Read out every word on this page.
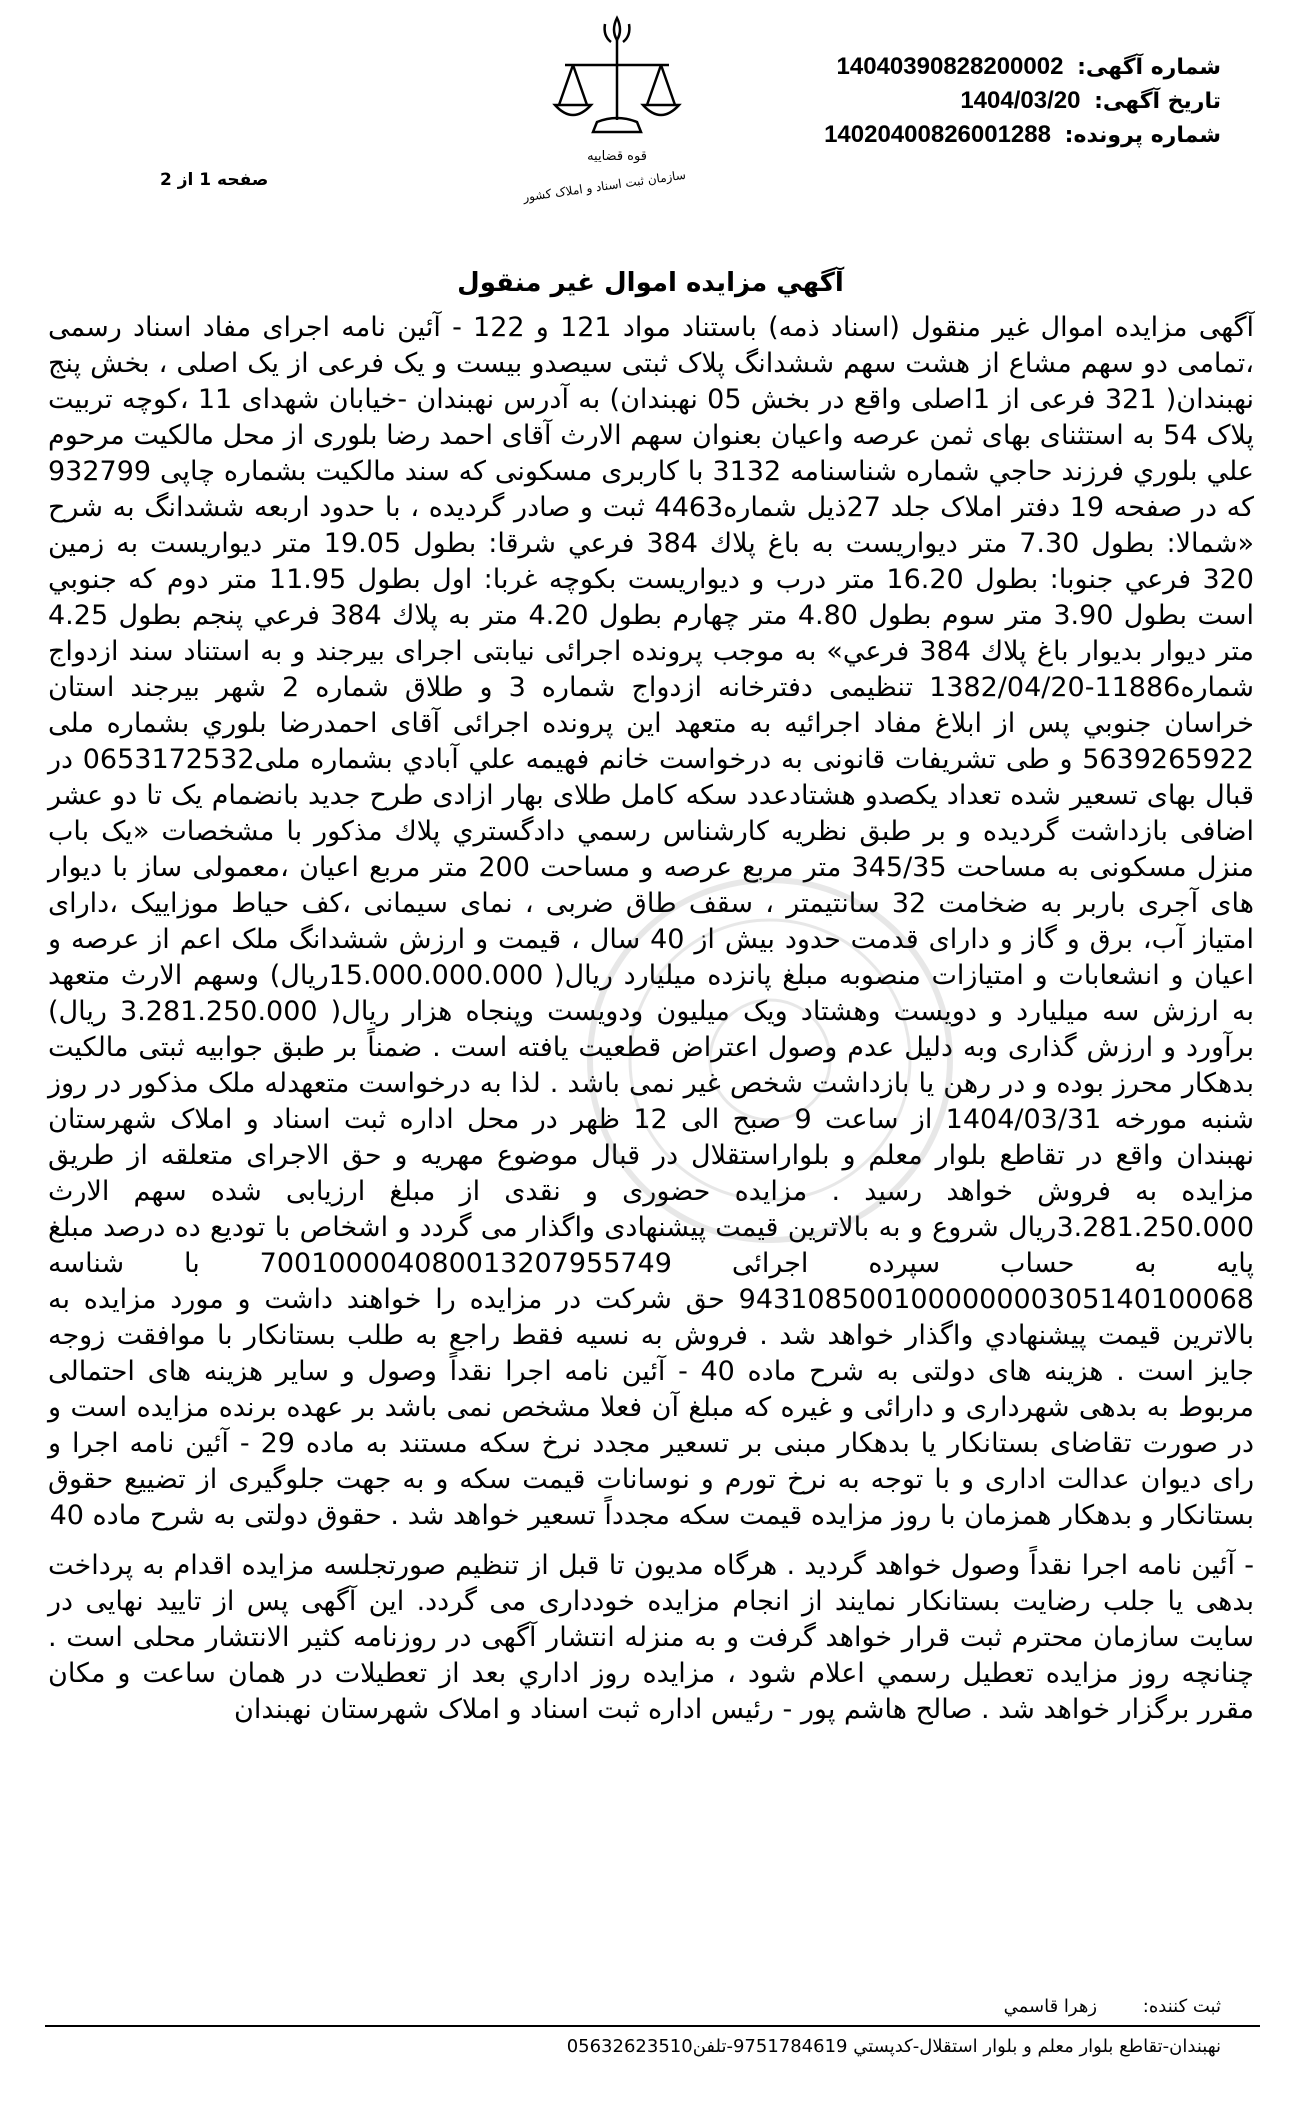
شماره آگهی: 14040390828200002
تاریخ آگهی: 1404/03/20
شماره پرونده: 14020400826001288
صفحه 1 از 2
قوه قضاییه
سازمان ثبت اسناد و املاک کشور
آگهي مزايده اموال غير منقول

آگهی مزایده اموال غیر منقول (اسناد ذمه) باستناد مواد 121 و 122 - آئین نامه اجرای مفاد اسناد رسمی ،تمامی دو سهم مشاع از هشت سهم ششدانگ پلاک ثبتی سیصدو بیست و یک فرعی از یک اصلی ، بخش پنج نهبندان( 321 فرعی از 1اصلی واقع در بخش 05 نهبندان) به آدرس نهبندان -خیابان شهدای 11 ،کوچه تربیت پلاک 54 به استثنای بهای ثمن عرصه واعیان بعنوان سهم الارث آقای احمد رضا بلوری از محل مالکيت مرحوم علي بلوري فرزند حاجي شماره شناسنامه 3132 با کاربری مسکونی که سند مالکیت بشماره چاپی 932799 که در صفحه 19 دفتر املاک جلد 27ذیل شماره4463 ثبت و صادر گردیده ، با حدود اربعه ششدانگ به شرح «شمالا: بطول 7.30 متر ديواريست به باغ پلاك 384 فرعي شرقا: بطول 19.05 متر ديواريست به زمين 320 فرعي جنوبا: بطول 16.20 متر درب و ديواريست بكوچه غربا: اول بطول 11.95 متر دوم كه جنوبي است بطول 3.90 متر سوم بطول 4.80 متر چهارم بطول 4.20 متر به پلاك 384 فرعي پنجم بطول 4.25 متر ديوار بديوار باغ پلاك 384 فرعي» به موجب پرونده اجرائی نیابتی اجرای بیرجند و به استناد سند ازدواج شماره11886-1382/04/20 تنظيمی دفترخانه ازدواج شماره 3 و طلاق شماره 2 شهر بيرجند استان خراسان جنوبي پس از ابلاغ مفاد اجرائیه به متعهد این پرونده اجرائی آقای احمدرضا بلوري بشماره ملی 5639265922 و طی تشریفات قانونی به درخواست خانم فهيمه علي آبادي بشماره ملی0653172532 در قبال بهای تسعیر شده تعداد یکصدو هشتادعدد سکه کامل طلای بهار ازادی طرح جدید بانضمام یک تا دو عشر اضافی بازداشت گردیده و بر طبق نظریه کارشناس رسمي دادگستري پلاك مذكور با مشخصات «يک باب منزل مسکونی به مساحت 345/35 متر مربع عرصه و مساحت 200 متر مربع اعيان ،معمولی ساز با ديوار های آجری باربر به ضخامت 32 سانتيمتر ، سقف طاق ضربی ، نمای سيمانی ،کف حياط موزاييک ،دارای امتياز آب، برق و گاز و دارای قدمت حدود بيش از 40 سال ، قيمت و ارزش ششدانگ ملک اعم از عرصه و اعيان و انشعابات و امتيازات منصوبه مبلغ پانزده ميليارد ريال( 15.000.000.000ريال) وسهم الارث متعهد به ارزش سه میلیارد و دویست وهشتاد ویک میلیون ودویست وپنجاه هزار ریال( 3.281.250.000 ریال) برآورد و ارزش گذاری وبه دليل عدم وصول اعتراض قطعيت يافته است . ضمناً بر طبق جوابیه ثبتی مالکیت بدهکار محرز بوده و در رهن یا بازداشت شخص غیر نمی باشد . لذا به درخواست متعهدله ملک مذکور در روز شنبه مورخه 1404/03/31 از ساعت 9 صبح الی 12 ظهر در محل اداره ثبت اسناد و املاک شهرستان نهبندان واقع در تقاطع بلوار معلم و بلواراستقلال در قبال موضوع مهریه و حق الاجرای متعلقه از طریق مزایده به فروش خواهد رسید . مزایده حضوری و نقدی از مبلغ ارزیابی شده سهم الارث 3.281.250.000ریال شروع و به بالاترین قیمت پیشنهادی واگذار می گردد و اشخاص با تودیع ده درصد مبلغ پایه به حساب سپرده اجرائی 700100004080013207955749 با شناسه 943108500100000000305140100068 حق شرکت در مزایده را خواهند داشت و مورد مزایده به بالاترین قيمت پيشنهادي واگذار خواهد شد . فروش به نسیه فقط راجع به طلب بستانکار با موافقت زوجه جایز است . هزینه های دولتی به شرح ماده 40 - آئین نامه اجرا نقداً وصول و سایر هزینه های احتمالی مربوط به بدهی شهرداری و دارائی و غیره که مبلغ آن فعلا مشخص نمی باشد بر عهده برنده مزایده است و در صورت تقاضای بستانکار یا بدهکار مبنی بر تسعیر مجدد نرخ سکه مستند به ماده 29 - آئین نامه اجرا و رای دیوان عدالت اداری و با توجه به نرخ تورم و نوسانات قیمت سکه و به جهت جلوگیری از تضییع حقوق بستانکار و بدهکار همزمان با روز مزایده قیمت سکه مجدداً تسعیر خواهد شد . حقوق دولتی به شرح ماده 40

- آئین نامه اجرا نقداً وصول خواهد گردید . هرگاه مدیون تا قبل از تنظیم صورتجلسه مزایده اقدام به پرداخت بدهی یا جلب رضایت بستانکار نمایند از انجام مزایده خودداری می گردد. این آگهی پس از تایید نهایی در سایت سازمان محترم ثبت قرار خواهد گرفت و به منزله انتشار آگهی در روزنامه کثیر الانتشار محلی است . چنانچه روز مزايده تعطيل رسمي اعلام شود ، مزايده روز اداري بعد از تعطيلات در همان ساعت و مكان مقرر برگزار خواهد شد . صالح هاشم پور - رئیس اداره ثبت اسناد و املاک شهرستان نهبندان

ثبت کننده: زهرا قاسمي
نهبندان-تقاطع بلوار معلم و بلوار استقلال-کدپستي 9751784619-تلفن05632623510
